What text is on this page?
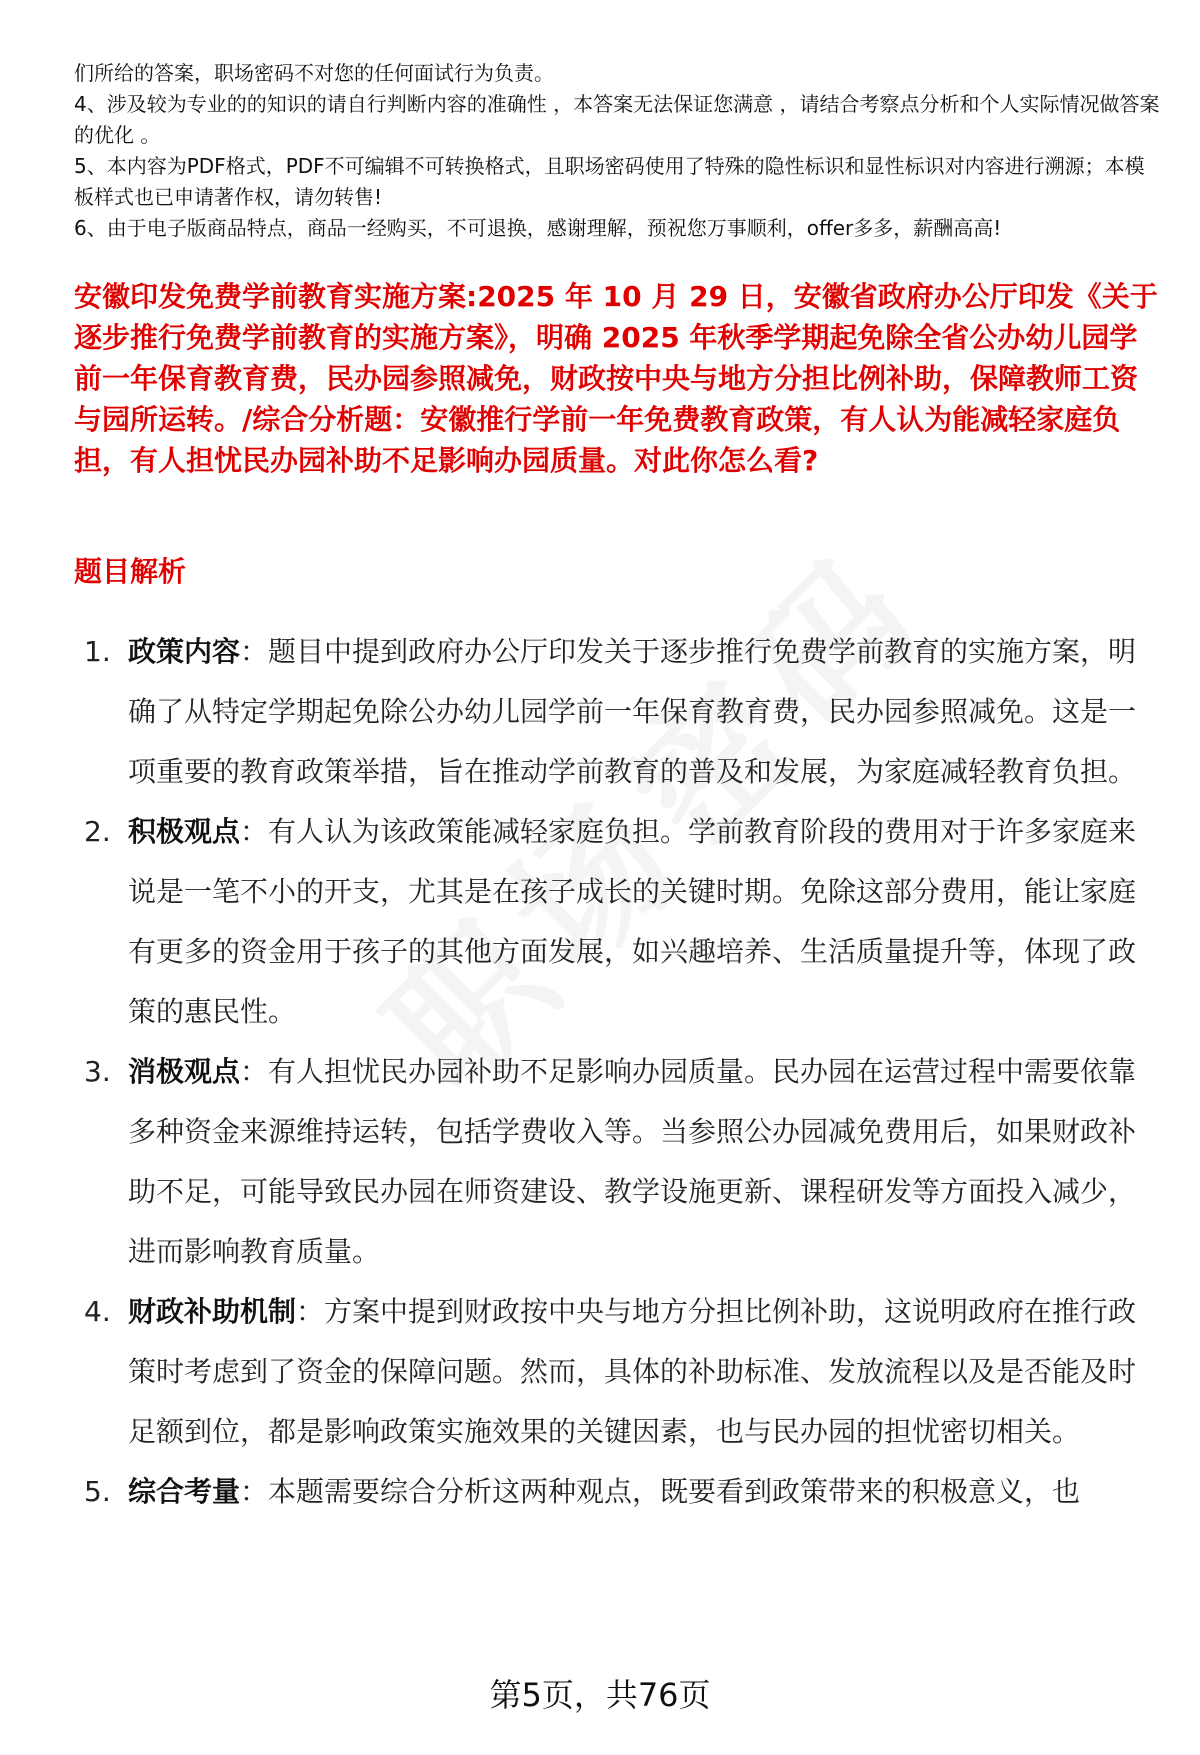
们所给的答案，职场密码不对您的任何面试行为负责。

4、涉及较为专业的的知识的请自行判断内容的准确性 ，本答案无法保证您满意 ，请结合考察点分析和个人实际情况做答案的优化 。

5、本内容为PDF格式，PDF不可编辑不可转换格式，且职场密码使用了特殊的隐性标识和显性标识对内容进行溯源；本模板样式也已申请著作权，请勿转售!

6、由于电子版商品特点，商品一经购买，不可退换，感谢理解，预祝您万事顺利，offer多多，薪酬高高!

安徽印发免费学前教育实施方案:2025 年 10 月 29 日，安徽省政府办公厅印发《关于逐步推行免费学前教育的实施方案》，明确 2025 年秋季学期起免除全省公办幼儿园学前一年保育教育费，民办园参照减免，财政按中央与地方分担比例补助，保障教师工资与园所运转。/综合分析题：安徽推行学前一年免费教育政策，有人认为能减轻家庭负担，有人担忧民办园补助不足影响办园质量。对此你怎么看?
题目解析
1. 政策内容：题目中提到政府办公厅印发关于逐步推行免费学前教育的实施方案，明确了从特定学期起免除公办幼儿园学前一年保育教育费，民办园参照减免。这是一项重要的教育政策举措，旨在推动学前教育的普及和发展，为家庭减轻教育负担。
2. 积极观点：有人认为该政策能减轻家庭负担。学前教育阶段的费用对于许多家庭来说是一笔不小的开支，尤其是在孩子成长的关键时期。免除这部分费用，能让家庭有更多的资金用于孩子的其他方面发展，如兴趣培养、生活质量提升等，体现了政策的惠民性。
3. 消极观点：有人担忧民办园补助不足影响办园质量。民办园在运营过程中需要依靠多种资金来源维持运转，包括学费收入等。当参照公办园减免费用后，如果财政补助不足，可能导致民办园在师资建设、教学设施更新、课程研发等方面投入减少，进而影响教育质量。
4. 财政补助机制：方案中提到财政按中央与地方分担比例补助，这说明政府在推行政策时考虑到了资金的保障问题。然而，具体的补助标准、发放流程以及是否能及时足额到位，都是影响政策实施效果的关键因素，也与民办园的担忧密切相关。
5. 综合考量：本题需要综合分析这两种观点，既要看到政策带来的积极意义，也
第5页，共76页
